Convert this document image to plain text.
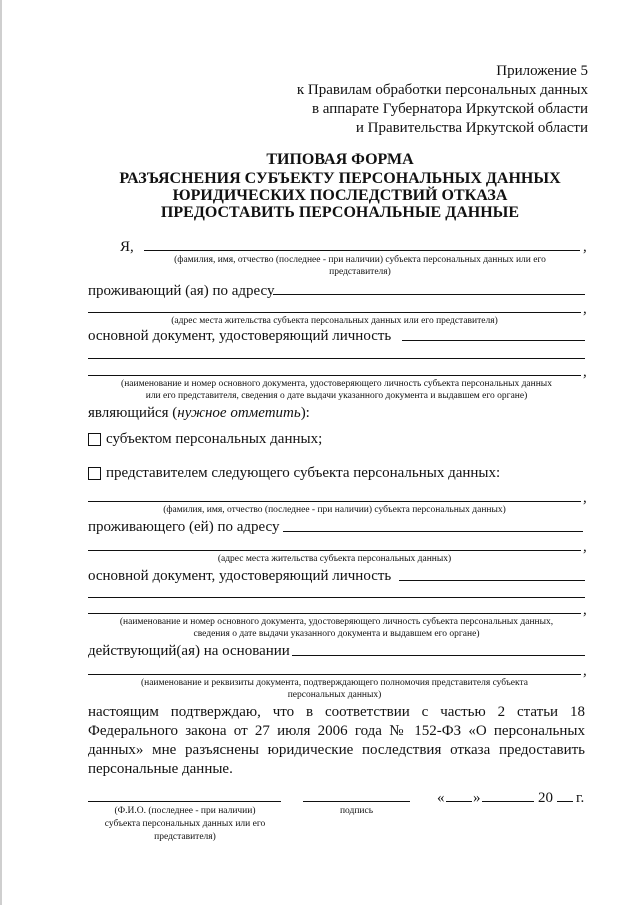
Приложение 5
к Правилам обработки персональных данных
в аппарате Губернатора Иркутской области
и Правительства Иркутской области
ТИПОВАЯ ФОРМА
РАЗЪЯСНЕНИЯ СУБЪЕКТУ ПЕРСОНАЛЬНЫХ ДАННЫХ
ЮРИДИЧЕСКИХ ПОСЛЕДСТВИЙ ОТКАЗА
ПРЕДОСТАВИТЬ ПЕРСОНАЛЬНЫЕ ДАННЫЕ
Я,	,
(фамилия, имя, отчество (последнее - при наличии) субъекта персональных данных или его
представителя)
проживающий (ая) по адресу
,
(адрес места жительства субъекта персональных данных или его представителя)
основной документ, удостоверяющий личность
,
(наименование и номер основного документа, удостоверяющего личность субъекта персональных данных
или его представителя, сведения о дате выдачи указанного документа и выдавшем его органе)
являющийся (нужное отметить):
субъектом персональных данных;
представителем следующего субъекта персональных данных:
,
(фамилия, имя, отчество (последнее - при наличии) субъекта персональных данных)
проживающего (ей) по адресу
,
(адрес места жительства субъекта персональных данных)
основной документ, удостоверяющий личность
,
(наименование и номер основного документа, удостоверяющего личность субъекта персональных данных,
сведения о дате выдачи указанного документа и выдавшем его органе)
действующий(ая) на основании
,
(наименование и реквизиты документа, подтверждающего полномочия представителя субъекта
персональных данных)
настоящим подтверждаю, что в соответствии с частью 2 статьи 18
Федерального закона от 27 июля 2006 года № 152-ФЗ «О персональных
данных» мне разъяснены юридические последствия отказа предоставить
персональные данные.
(Ф.И.О. (последнее - при наличии)
субъекта персональных данных или его
представителя)
подпись
« »	20 г.
